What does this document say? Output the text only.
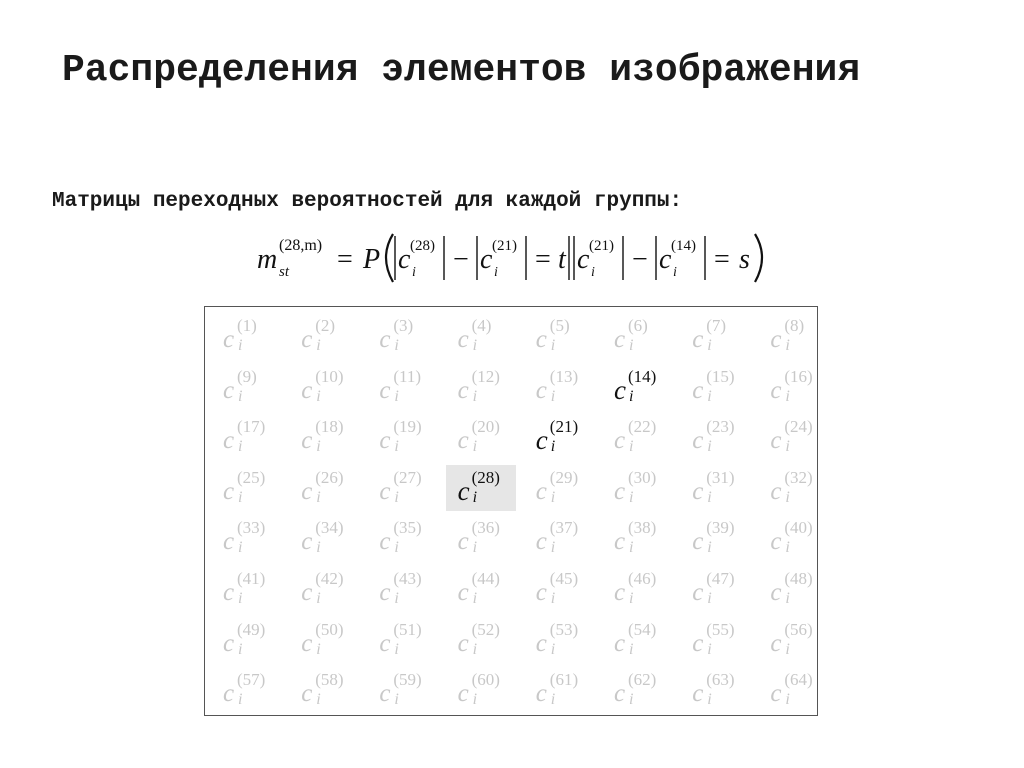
Распределения элементов изображения
Матрицы переходных вероятностей для каждой группы:
m (28,m)
st = P c (28)
i − c (21)
i = t c (21)
i − c (14)
i = s
c
(1)
i c
(2)
i c
(3)
i c
(4)
i c
(5)
i c
(6)
i c
(7)
i c
(8)
i
c
(9)
i c
(10)
i c
(11)
i c
(12)
i c
(13)
i c (14)
i c
(15)
i c
(16)
i
c
(17)
i c
(18)
i c
(19)
i c
(20)
i c (21)
i c
(22)
i c
(23)
i c
(24)
i
c
(25)
i c
(26)
i c
(27)
i c (28)
i c
(29)
i c
(30)
i c
(31)
i c
(32)
i
c
(33)
i c
(34)
i c
(35)
i c
(36)
i c
(37)
i c
(38)
i c
(39)
i c
(40)
i
c
(41)
i c
(42)
i c
(43)
i c
(44)
i c
(45)
i c
(46)
i c
(47)
i c
(48)
i
c
(49)
i c
(50)
i c
(51)
i c
(52)
i c
(53)
i c
(54)
i c
(55)
i c
(56)
i
c
(57)
i c
(58)
i c
(59)
i c
(60)
i c
(61)
i c
(62)
i c
(63)
i c
(64)
i
